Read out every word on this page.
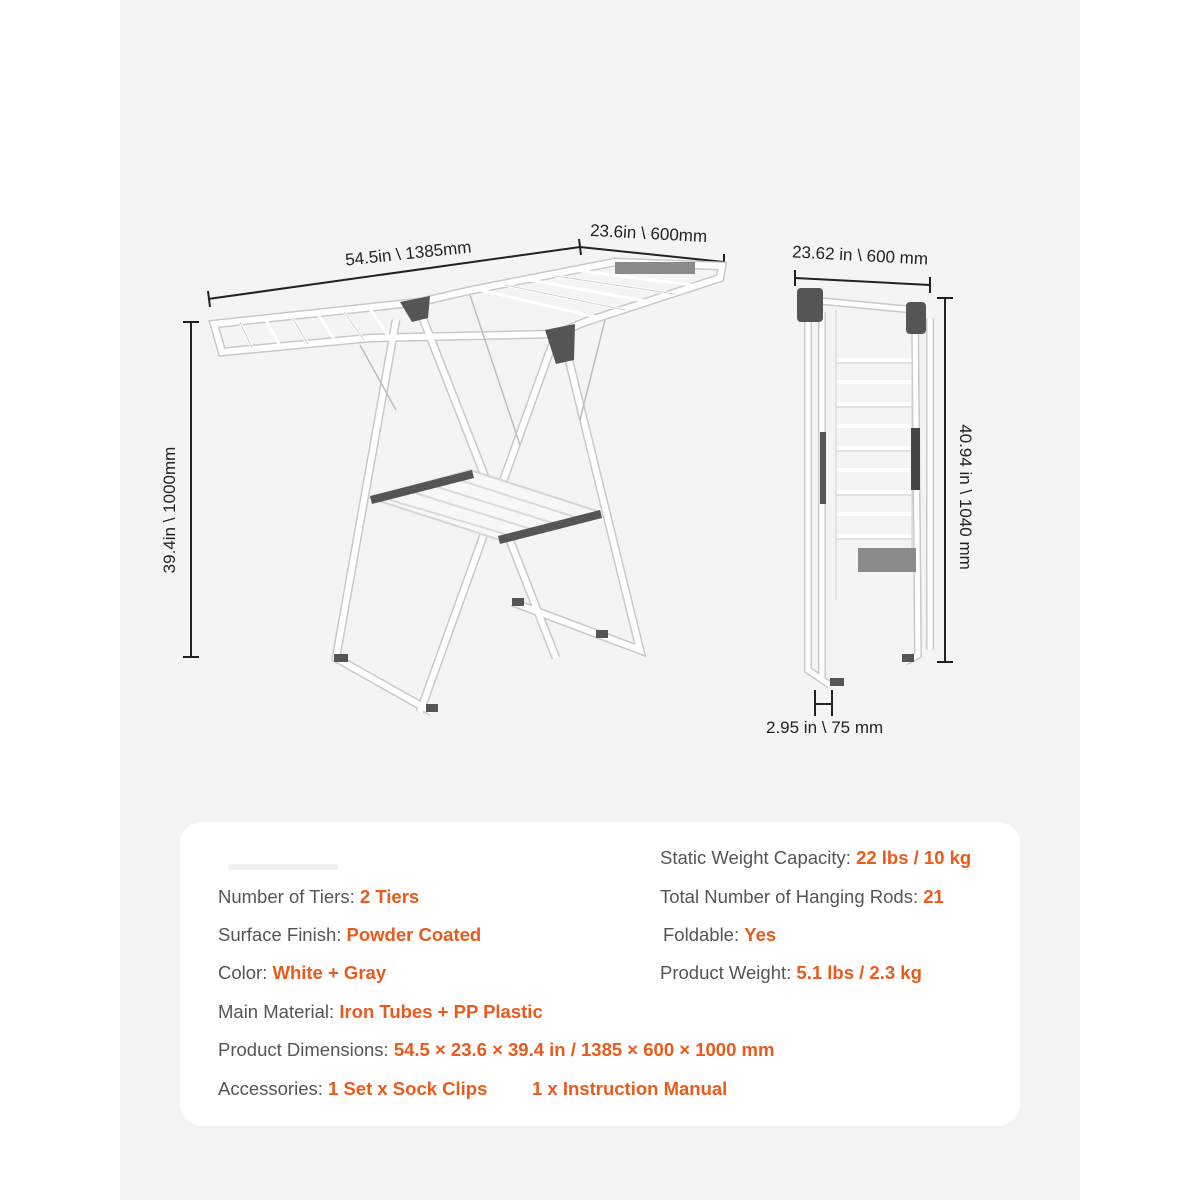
54.5in \ 1385mm
23.6in \ 600mm
39.4in \ 1000mm
23.62 in \ 600 mm
40.94 in \ 1040 mm
2.95 in \ 75 mm
Static Weight Capacity: 22 lbs / 10 kg
Number of Tiers: 2 Tiers	Total Number of Hanging Rods: 21
Surface Finish: Powder Coated	Foldable: Yes
Color: White + Gray	Product Weight: 5.1 lbs / 2.3 kg
Main Material: Iron Tubes + PP Plastic
Product Dimensions: 54.5 × 23.6 × 39.4 in / 1385 × 600 × 1000 mm
Accessories: 1 Set x Sock Clips 1 x Instruction Manual
